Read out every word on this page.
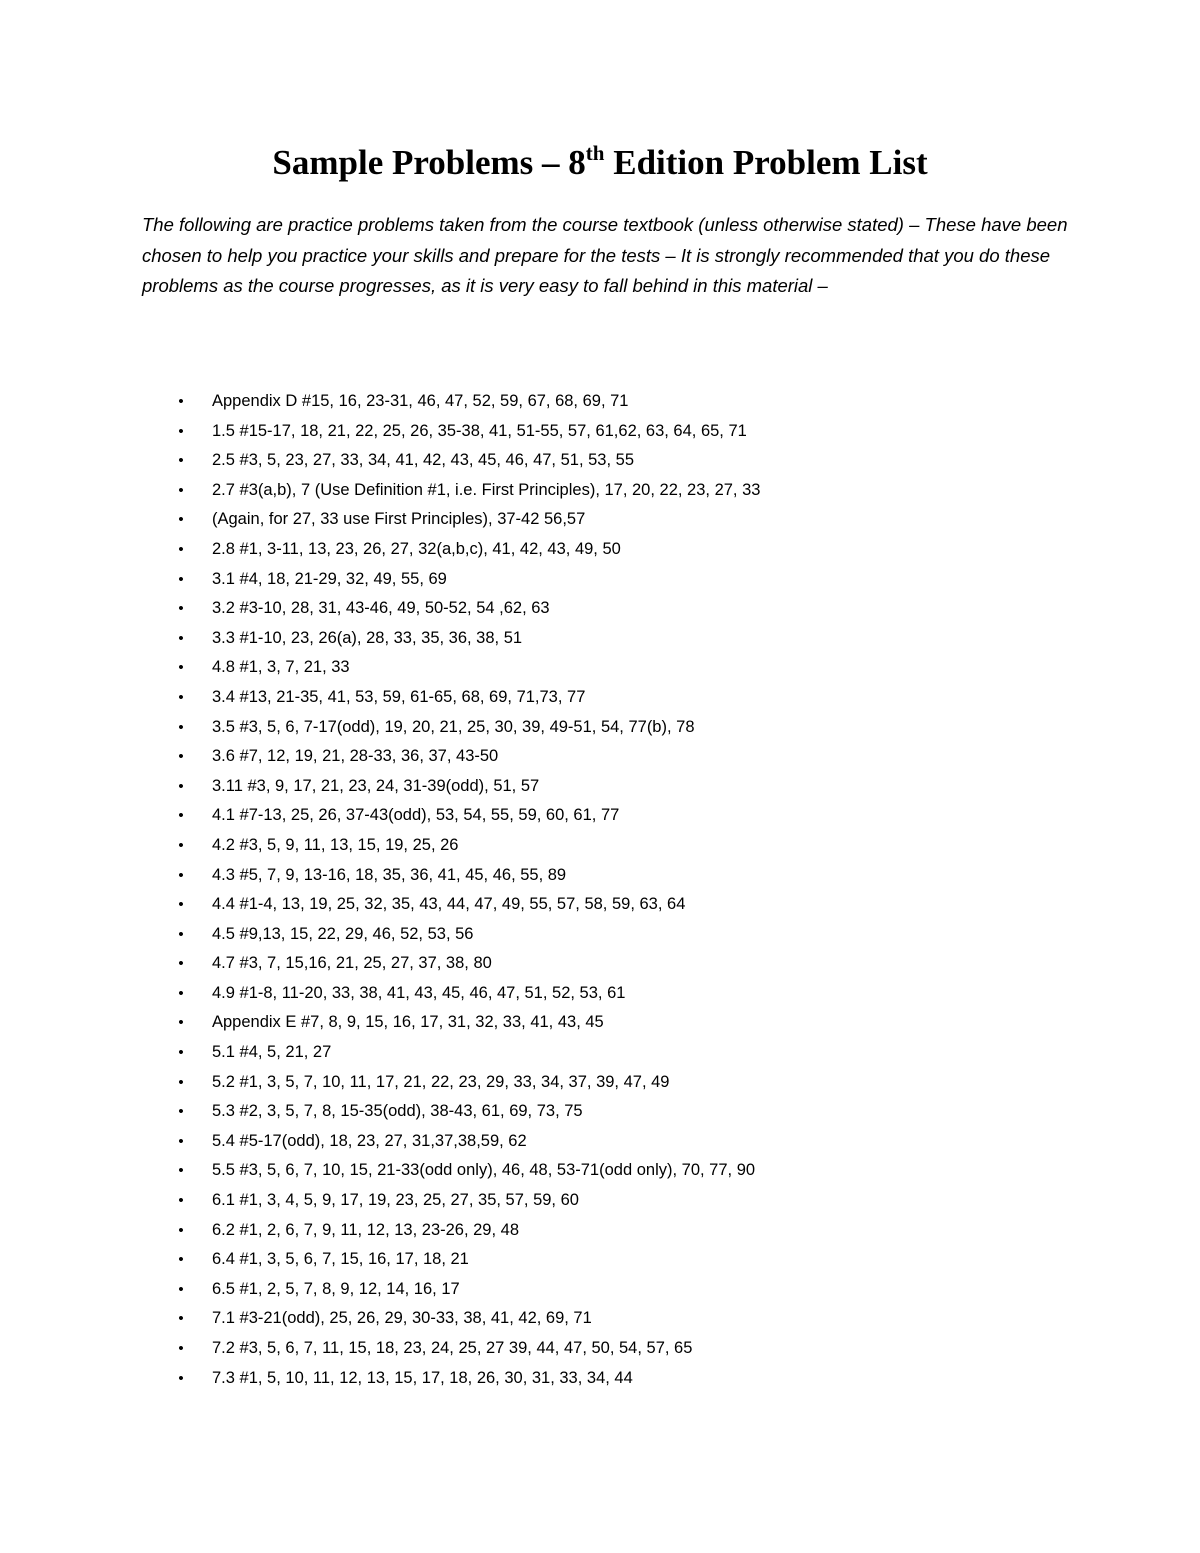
Sample Problems – 8th Edition Problem List

The following are practice problems taken from the course textbook (unless otherwise stated) – These have been chosen to help you practice your skills and prepare for the tests – It is strongly recommended that you do these problems as the course progresses, as it is very easy to fall behind in this material –

• Appendix D #15, 16, 23-31, 46, 47, 52, 59, 67, 68, 69, 71
• 1.5 #15-17, 18, 21, 22, 25, 26, 35-38, 41, 51-55, 57, 61,62, 63, 64, 65, 71
• 2.5 #3, 5, 23, 27, 33, 34, 41, 42, 43, 45, 46, 47, 51, 53, 55
• 2.7 #3(a,b), 7 (Use Definition #1, i.e. First Principles), 17, 20, 22, 23, 27, 33
• (Again, for 27, 33 use First Principles), 37-42 56,57
• 2.8 #1, 3-11, 13, 23, 26, 27, 32(a,b,c), 41, 42, 43, 49, 50
• 3.1 #4, 18, 21-29, 32, 49, 55, 69
• 3.2 #3-10, 28, 31, 43-46, 49, 50-52, 54 ,62, 63
• 3.3 #1-10, 23, 26(a), 28, 33, 35, 36, 38, 51
• 4.8 #1, 3, 7, 21, 33
• 3.4 #13, 21-35, 41, 53, 59, 61-65, 68, 69, 71,73, 77
• 3.5 #3, 5, 6, 7-17(odd), 19, 20, 21, 25, 30, 39, 49-51, 54, 77(b), 78
• 3.6 #7, 12, 19, 21, 28-33, 36, 37, 43-50
• 3.11 #3, 9, 17, 21, 23, 24, 31-39(odd), 51, 57
• 4.1 #7-13, 25, 26, 37-43(odd), 53, 54, 55, 59, 60, 61, 77
• 4.2 #3, 5, 9, 11, 13, 15, 19, 25, 26
• 4.3 #5, 7, 9, 13-16, 18, 35, 36, 41, 45, 46, 55, 89
• 4.4 #1-4, 13, 19, 25, 32, 35, 43, 44, 47, 49, 55, 57, 58, 59, 63, 64
• 4.5 #9,13, 15, 22, 29, 46, 52, 53, 56
• 4.7 #3, 7, 15,16, 21, 25, 27, 37, 38, 80
• 4.9 #1-8, 11-20, 33, 38, 41, 43, 45, 46, 47, 51, 52, 53, 61
• Appendix E #7, 8, 9, 15, 16, 17, 31, 32, 33, 41, 43, 45
• 5.1 #4, 5, 21, 27
• 5.2 #1, 3, 5, 7, 10, 11, 17, 21, 22, 23, 29, 33, 34, 37, 39, 47, 49
• 5.3 #2, 3, 5, 7, 8, 15-35(odd), 38-43, 61, 69, 73, 75
• 5.4 #5-17(odd), 18, 23, 27, 31,37,38,59, 62
• 5.5 #3, 5, 6, 7, 10, 15, 21-33(odd only), 46, 48, 53-71(odd only), 70, 77, 90
• 6.1 #1, 3, 4, 5, 9, 17, 19, 23, 25, 27, 35, 57, 59, 60
• 6.2 #1, 2, 6, 7, 9, 11, 12, 13, 23-26, 29, 48
• 6.4 #1, 3, 5, 6, 7, 15, 16, 17, 18, 21
• 6.5 #1, 2, 5, 7, 8, 9, 12, 14, 16, 17
• 7.1 #3-21(odd), 25, 26, 29, 30-33, 38, 41, 42, 69, 71
• 7.2 #3, 5, 6, 7, 11, 15, 18, 23, 24, 25, 27 39, 44, 47, 50, 54, 57, 65
• 7.3 #1, 5, 10, 11, 12, 13, 15, 17, 18, 26, 30, 31, 33, 34, 44
